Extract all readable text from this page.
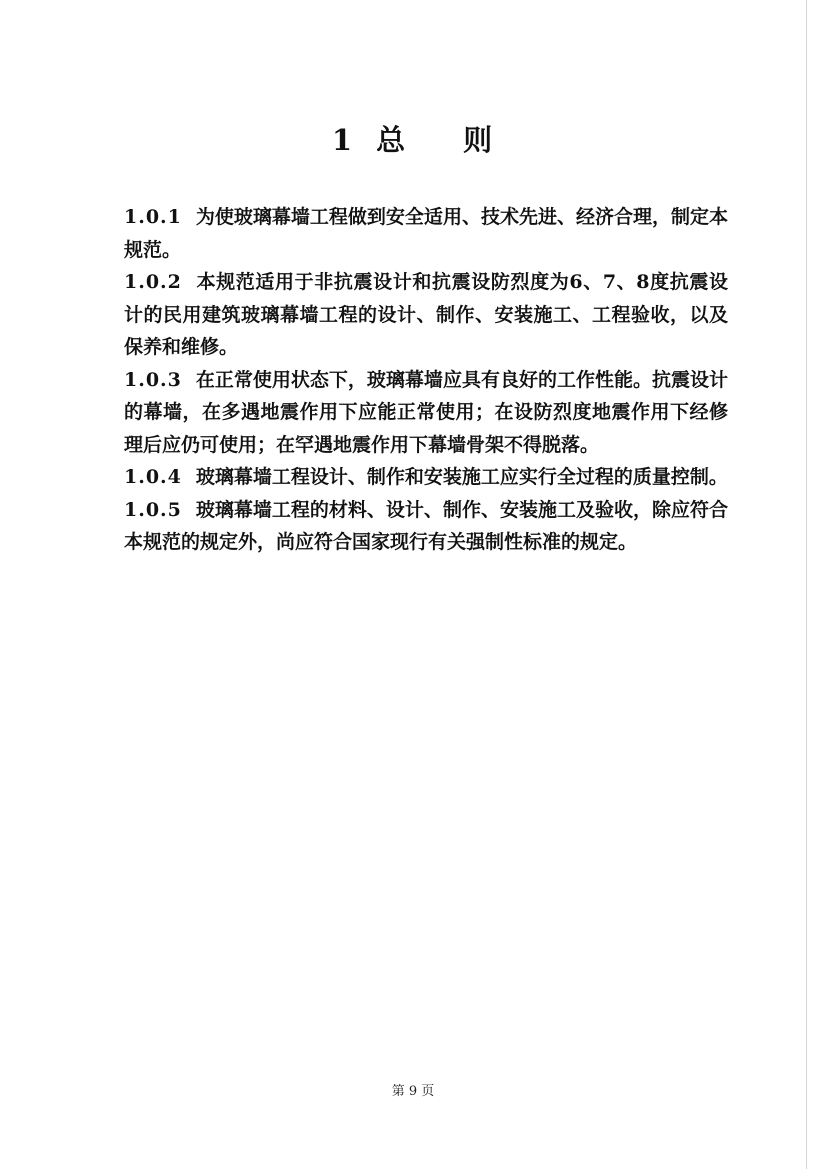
1 总 则

1.0.1 为使玻璃幕墙工程做到安全适用、技术先进、经济合理，制定本规范。

1.0.2 本规范适用于非抗震设计和抗震设防烈度为6、7、8度抗震设计的民用建筑玻璃幕墙工程的设计、制作、安装施工、工程验收，以及保养和维修。

1.0.3 在正常使用状态下，玻璃幕墙应具有良好的工作性能。抗震设计的幕墙，在多遇地震作用下应能正常使用；在设防烈度地震作用下经修理后应仍可使用；在罕遇地震作用下幕墙骨架不得脱落。

1.0.4 玻璃幕墙工程设计、制作和安装施工应实行全过程的质量控制。

1.0.5 玻璃幕墙工程的材料、设计、制作、安装施工及验收，除应符合本规范的规定外，尚应符合国家现行有关强制性标准的规定。

第 9 页
